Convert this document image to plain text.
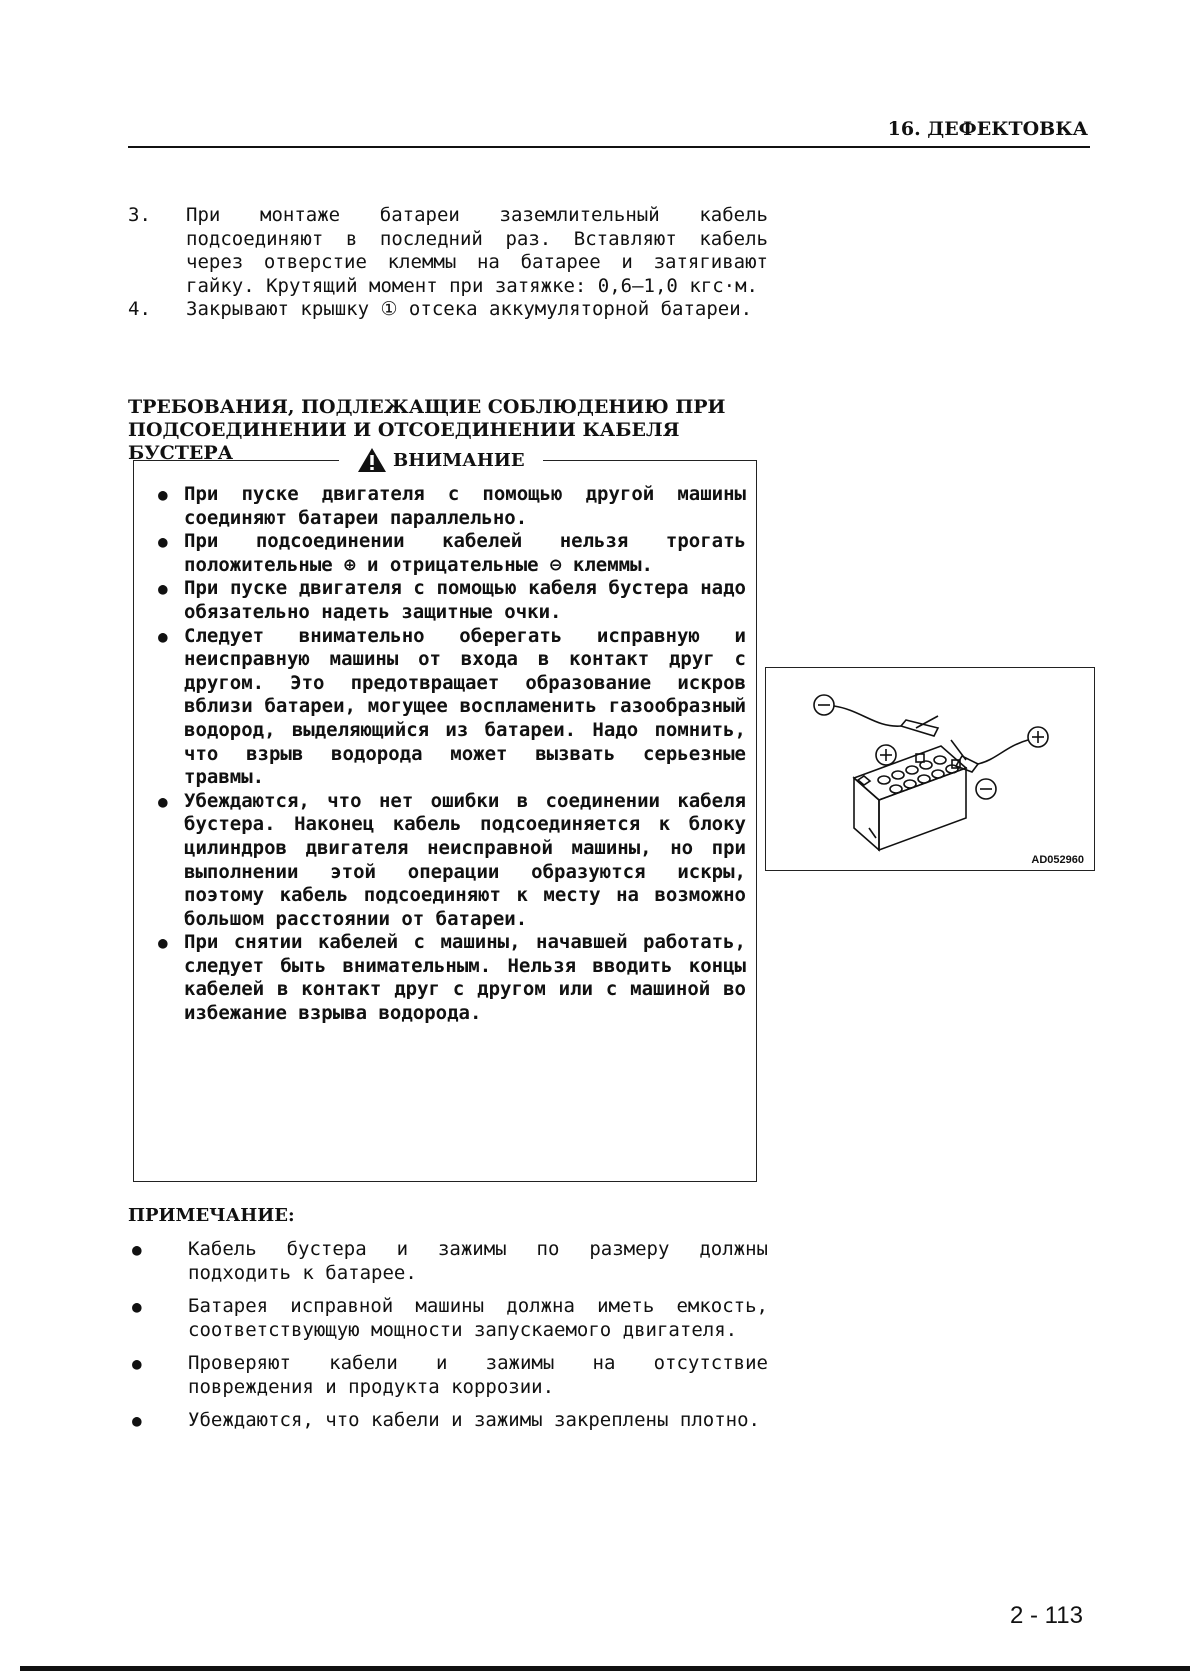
16. ДЕФЕКТОВКА
3.	При монтаже батареи заземлительный кабель подсоединяют в последний раз. Вставляют кабель через отверстие клеммы на батарее и затягивают гайку. Крутящий момент при затяжке: 0,6—1,0 кгс·м.
4.	Закрывают крышку ① отсека аккумуляторной батареи.
ТРЕБОВАНИЯ, ПОДЛЕЖАЩИЕ СОБЛЮДЕНИЮ ПРИ ПОДСОЕДИНЕНИИ И ОТСОЕДИНЕНИИ КАБЕЛЯ БУСТЕРА	ВНИМАНИЕ
● При пуске двигателя с помощью другой машины соединяют батареи параллельно.
● При подсоединении кабелей нельзя трогать положительные ⊕ и отрицательные ⊖ клеммы.
● При пуске двигателя с помощью кабеля бустера надо обязательно надеть защитные очки.
● Следует внимательно оберегать исправную и неисправную машины от входа в контакт друг с другом. Это предотвращает образование искров вблизи батареи, могущее воспламенить газообразный водород, выделяющийся из батареи. Надо помнить, что взрыв водорода может вызвать серьезные травмы.
● Убеждаются, что нет ошибки в соединении кабеля бустера. Наконец кабель подсоединяется к блоку цилиндров двигателя неисправной машины, но при выполнении этой операции образуются искры, поэтому кабель подсоединяют к месту на возможно большом расстоянии от батареи.
● При снятии кабелей с машины, начавшей работать, следует быть внимательным. Нельзя вводить концы кабелей в контакт друг с другом или с машиной во избежание взрыва водорода.
AD052960
ПРИМЕЧАНИЕ:
●	Кабель бустера и зажимы по размеру должны подходить к батарее.
●	Батарея исправной машины должна иметь емкость, соответствующую мощности запускаемого двигателя.
●	Проверяют кабели и зажимы на отсутствие повреждения и продукта коррозии.
●	Убеждаются, что кабели и зажимы закреплены плотно.
2 - 113
